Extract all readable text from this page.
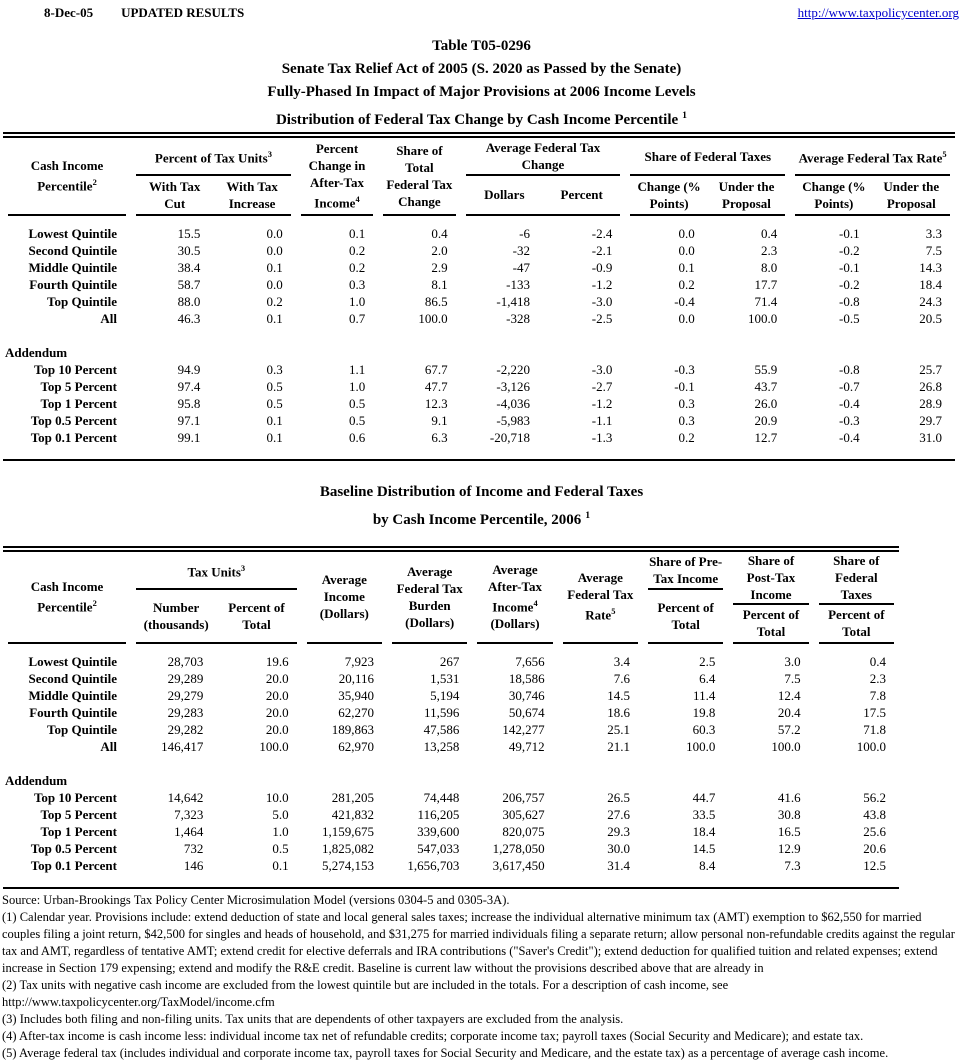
8-Dec-05 UPDATED RESULTS	http://www.taxpolicycenter.org
Table T05-0296
Senate Tax Relief Act of 2005 (S. 2020 as Passed by the Senate)
Fully-Phased In Impact of Major Provisions at 2006 Income Levels
Distribution of Federal Tax Change by Cash Income Percentile $^1$
Cash Income Percentile$^2$
Percent of Tax Units$^3$
With Tax Cut
With Tax Increase
Percent Change in After-Tax Income$^4$
Share of Total Federal Tax Change
Average Federal Tax Change
Dollars	Percent
Share of Federal Taxes
Change (% Points)
Under the Proposal
Average Federal Tax Rate$^5$
Change (% Points)
Under the Proposal
Lowest Quintile	15.5	0.0	0.1	0.4	-6	-2.4	0.0	0.4	-0.1	3.3
Second Quintile	30.5	0.0	0.2	2.0	-32	-2.1	0.0	2.3	-0.2	7.5
Middle Quintile	38.4	0.1	0.2	2.9	-47	-0.9	0.1	8.0	-0.1	14.3
Fourth Quintile	58.7	0.0	0.3	8.1	-133	-1.2	0.2	17.7	-0.2	18.4
Top Quintile	88.0	0.2	1.0	86.5	-1,418	-3.0	-0.4	71.4	-0.8	24.3
All	46.3	0.1	0.7	100.0	-328	-2.5	0.0	100.0	-0.5	20.5
Addendum
Top 10 Percent	94.9	0.3	1.1	67.7	-2,220	-3.0	-0.3	55.9	-0.8	25.7
Top 5 Percent	97.4	0.5	1.0	47.7	-3,126	-2.7	-0.1	43.7	-0.7	26.8
Top 1 Percent	95.8	0.5	0.5	12.3	-4,036	-1.2	0.3	26.0	-0.4	28.9
Top 0.5 Percent	97.1	0.1	0.5	9.1	-5,983	-1.1	0.3	20.9	-0.3	29.7
Top 0.1 Percent	99.1	0.1	0.6	6.3	-20,718	-1.3	0.2	12.7	-0.4	31.0
Baseline Distribution of Income and Federal Taxes
by Cash Income Percentile, 2006 $^1$
Cash Income Percentile$^2$
Tax Units$^3$
Number (thousands)
Percent of Total
Average Income (Dollars)
Average Federal Tax Burden (Dollars)
Average After-Tax Income$^4$ (Dollars)
Average Federal Tax Rate$^5$
Share of Pre-Tax Income
Percent of Total
Share of Post-Tax Income
Percent of Total
Share of Federal Taxes
Percent of Total
Lowest Quintile	28,703	19.6	7,923	267	7,656	3.4	2.5	3.0	0.4
Second Quintile	29,289	20.0	20,116	1,531	18,586	7.6	6.4	7.5	2.3
Middle Quintile	29,279	20.0	35,940	5,194	30,746	14.5	11.4	12.4	7.8
Fourth Quintile	29,283	20.0	62,270	11,596	50,674	18.6	19.8	20.4	17.5
Top Quintile	29,282	20.0	189,863	47,586	142,277	25.1	60.3	57.2	71.8
All	146,417	100.0	62,970	13,258	49,712	21.1	100.0	100.0	100.0
Addendum
Top 10 Percent	14,642	10.0	281,205	74,448	206,757	26.5	44.7	41.6	56.2
Top 5 Percent	7,323	5.0	421,832	116,205	305,627	27.6	33.5	30.8	43.8
Top 1 Percent	1,464	1.0	1,159,675	339,600	820,075	29.3	18.4	16.5	25.6
Top 0.5 Percent	732	0.5	1,825,082	547,033	1,278,050	30.0	14.5	12.9	20.6
Top 0.1 Percent	146	0.1	5,274,153	1,656,703	3,617,450	31.4	8.4	7.3	12.5
Source: Urban-Brookings Tax Policy Center Microsimulation Model (versions 0304-5 and 0305-3A).
(1) Calendar year. Provisions include: extend deduction of state and local general sales taxes; increase the individual alternative minimum tax (AMT) exemption to $62,550 for married couples filing a joint return, $42,500 for singles and heads of household, and $31,275 for married individuals filing a separate return; allow personal non-refundable credits against the regular tax and AMT, regardless of tentative AMT; extend credit for elective deferrals and IRA contributions ("Saver's Credit"); extend deduction for qualified tuition and related expenses; extend increase in Section 179 expensing; extend and modify the R&E credit. Baseline is current law without the provisions described above that are already in
(2) Tax units with negative cash income are excluded from the lowest quintile but are included in the totals. For a description of cash income, see http://www.taxpolicycenter.org/TaxModel/income.cfm
(3) Includes both filing and non-filing units. Tax units that are dependents of other taxpayers are excluded from the analysis.
(4) After-tax income is cash income less: individual income tax net of refundable credits; corporate income tax; payroll taxes (Social Security and Medicare); and estate tax.
(5) Average federal tax (includes individual and corporate income tax, payroll taxes for Social Security and Medicare, and the estate tax) as a percentage of average cash income.
